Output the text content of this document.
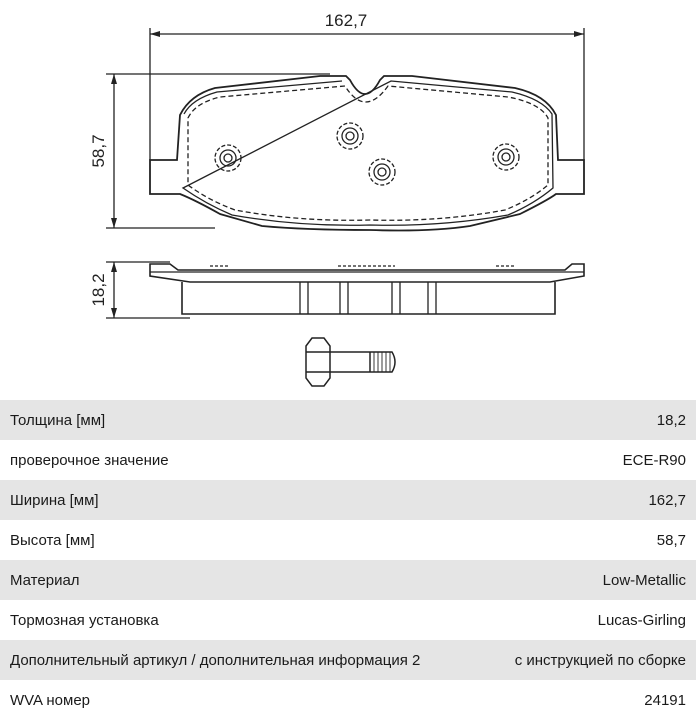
162,7
58,7
18,2
Толщина [мм]	18,2
проверочное значение	ECE-R90
Ширина [мм]	162,7
Высота [мм]	58,7
Материал	Low-Metallic
Тормозная установка	Lucas-Girling
Дополнительный артикул / дополнительная информация 2	с инструкцией по сборке
WVA номер	24191
